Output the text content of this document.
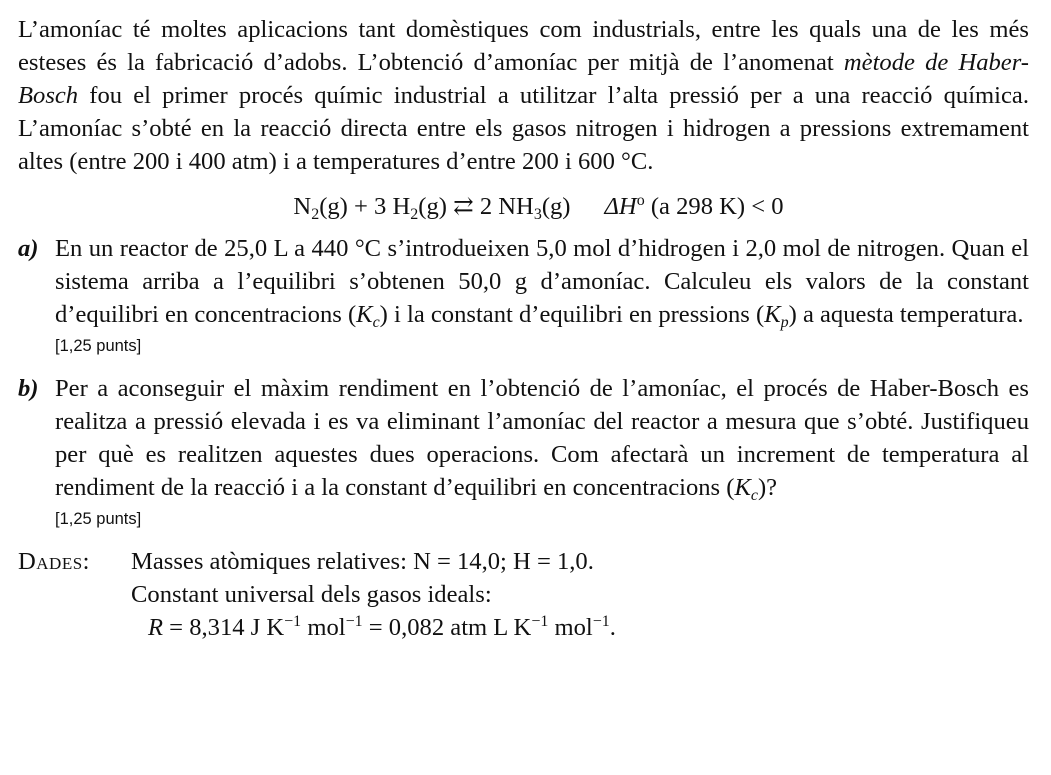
L’amoníac té moltes aplicacions tant domèstiques com industrials, entre les quals una de les més esteses és la fabricació d’adobs. L’obtenció d’amoníac per mitjà de l’anomenat mètode de Haber-Bosch fou el primer procés químic industrial a utilitzar l’alta pressió per a una reacció química. L’amoníac s’obté en la reacció directa entre els gasos nitrogen i hidrogen a pressions extremament altes (entre 200 i 400 atm) i a temperatures d’entre 200 i 600 °C.

$N_2(g) + 3$ $H_2(g)$ ⇄ 2 $NH_3(g)$ $\Delta H^o$ (a 298 K) < 0
a) En un reactor de 25,0 L a 440 °C s’introdueixen 5,0 mol d’hidrogen i 2,0 mol de nitrogen. Quan el sistema arriba a l’equilibri s’obtenen 50,0 g d’amoníac. Calculeu els valors de la constant d’equilibri en concentracions $(K_c)$ i la constant d’equilibri en pressions $(K_p)$ a aquesta temperatura.

[1,25 punts]
b) Per a aconseguir el màxim rendiment en l’obtenció de l’amoníac, el procés de Haber-Bosch es realitza a pressió elevada i es va eliminant l’amoníac del reactor a mesura que s’obté. Justifiqueu per què es realitzen aquestes dues operacions. Com afectarà un increment de temperatura al rendiment de la reacció i a la constant d’equilibri en concentracions $(K_c)$?

[1,25 punts]
Dades: Masses atòmiques relatives: N = 14,0; H = 1,0.

Constant universal dels gasos ideals:

R = 8,314 J $K^{-1}$ mol$^{-1}$ = 0,082 atm L $K^{-1}$ mol$^{-1}$.
